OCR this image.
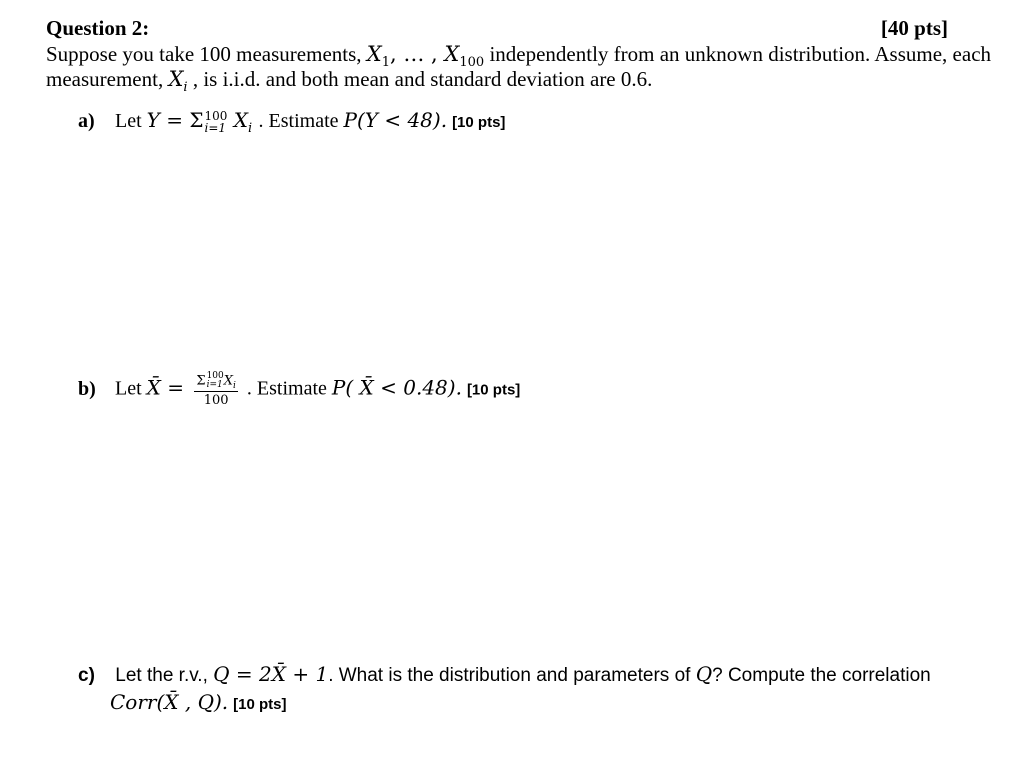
Question 2:	[40 pts]
Suppose you take 100 measurements, $X_1$, … , $X_{100}$ independently from an unknown distribution. Assume, each
measurement, $X_i$ , is i.i.d. and both mean and standard deviation are 0.6.
a) Let Y = Σ 100
i=1 $X_i$ . Estimate P(Y < 48). [10 pts]
b) Let X̄ = Σ 100
i=1 $X_i$
100 . Estimate P( X̄ < 0.48). [10 pts]
c) Let the r.v., Q = 2X̄ + 1. What is the distribution and parameters of Q? Compute the correlation
Corr(X̄ , Q). [10 pts]
